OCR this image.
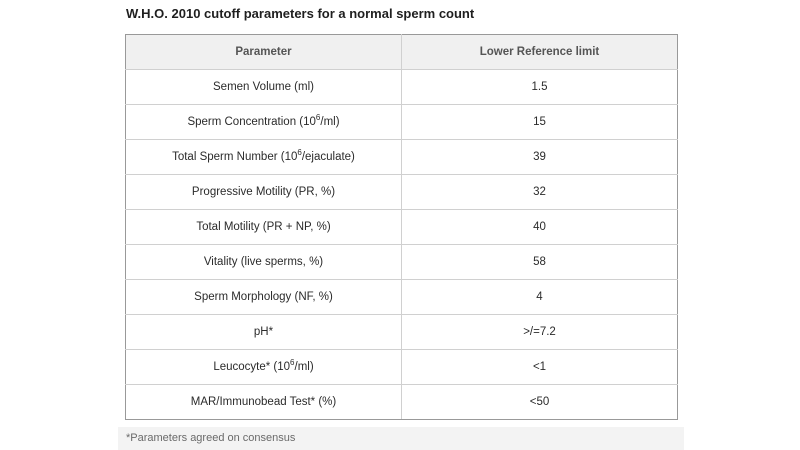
W.H.O. 2010 cutoff parameters for a normal sperm count
Parameter	Lower Reference limit
Semen Volume (ml)	1.5
Sperm Concentration $(10^6/ml)$	15
Total Sperm Number $(10^6/ejaculate)$	39
Progressive Motility (PR, %)	32
Total Motility (PR + NP, %)	40
Vitality (live sperms, %)	58
Sperm Morphology (NF, %)	4
pH*	>/=7.2
Leucocyte* $(10^6/ml)$	<1
MAR/Immunobead Test* (%)	<50
*Parameters agreed on consensus
